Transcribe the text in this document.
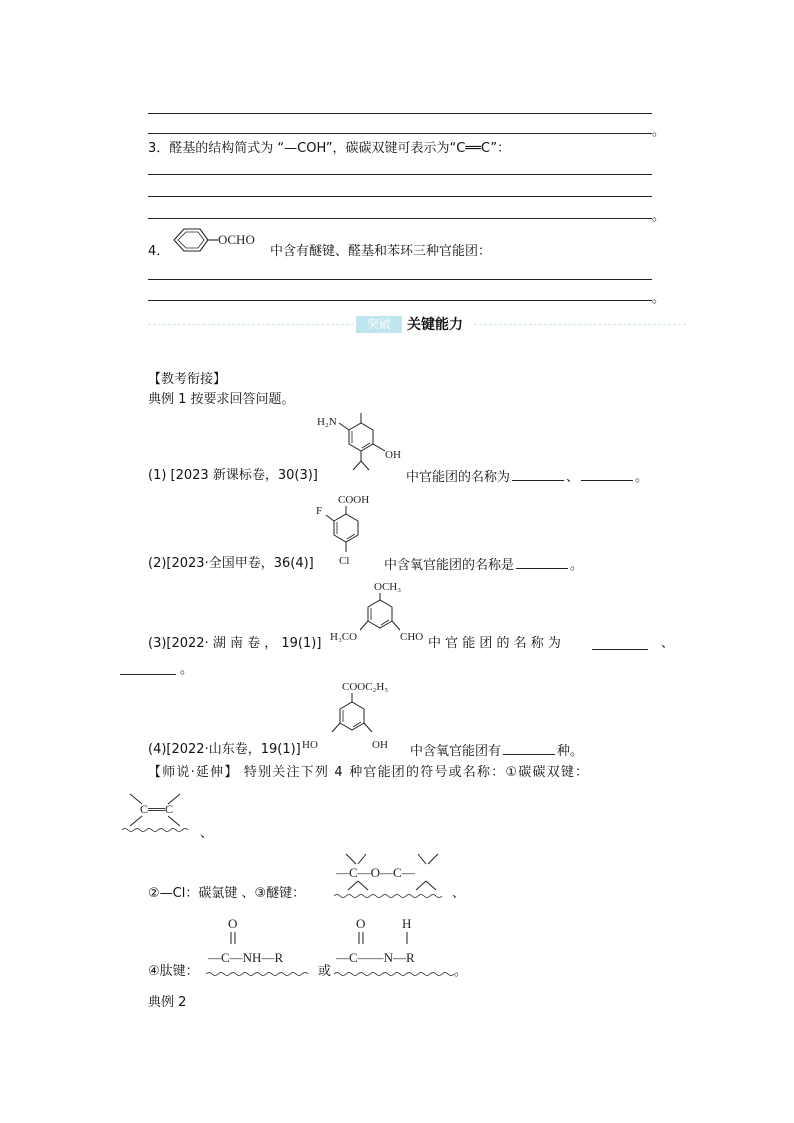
。
3．醛基的结构简式为 “—COH”，碳碳双键可表示为“C══C”：
。
4．
OCHO
中含有醚键、醛基和苯环三种官能团：
。
突破	关键能力
【教考衔接】
典例 1 按要求回答问题。
H₂N
OH
(1) [2023 新课标卷，30(3)]	中官能团的名称为	、	。
COOH
F
Cl
(2)[2023·全国甲卷，36(4)]	中含氧官能团的名称是	。
OCH₃
H₃CO	CHO
(3)[2022· 湖 南 卷 ， 19(1)]	中 官 能 团 的 名 称 为	、
。
COOC₂H₅
HO	OH
(4)[2022·山东卷，19(1)]	中含氧官能团有	种。
【师说·延伸】 特别关注下列 4 种官能团的符号或名称：①碳碳双键：
C══C
、
②—Cl：碳氯键 、③醚键：
—C—O—C—
、
④肽键：
O
—C—NH—R
或
O	H
—C——N—R
。
典例 2
